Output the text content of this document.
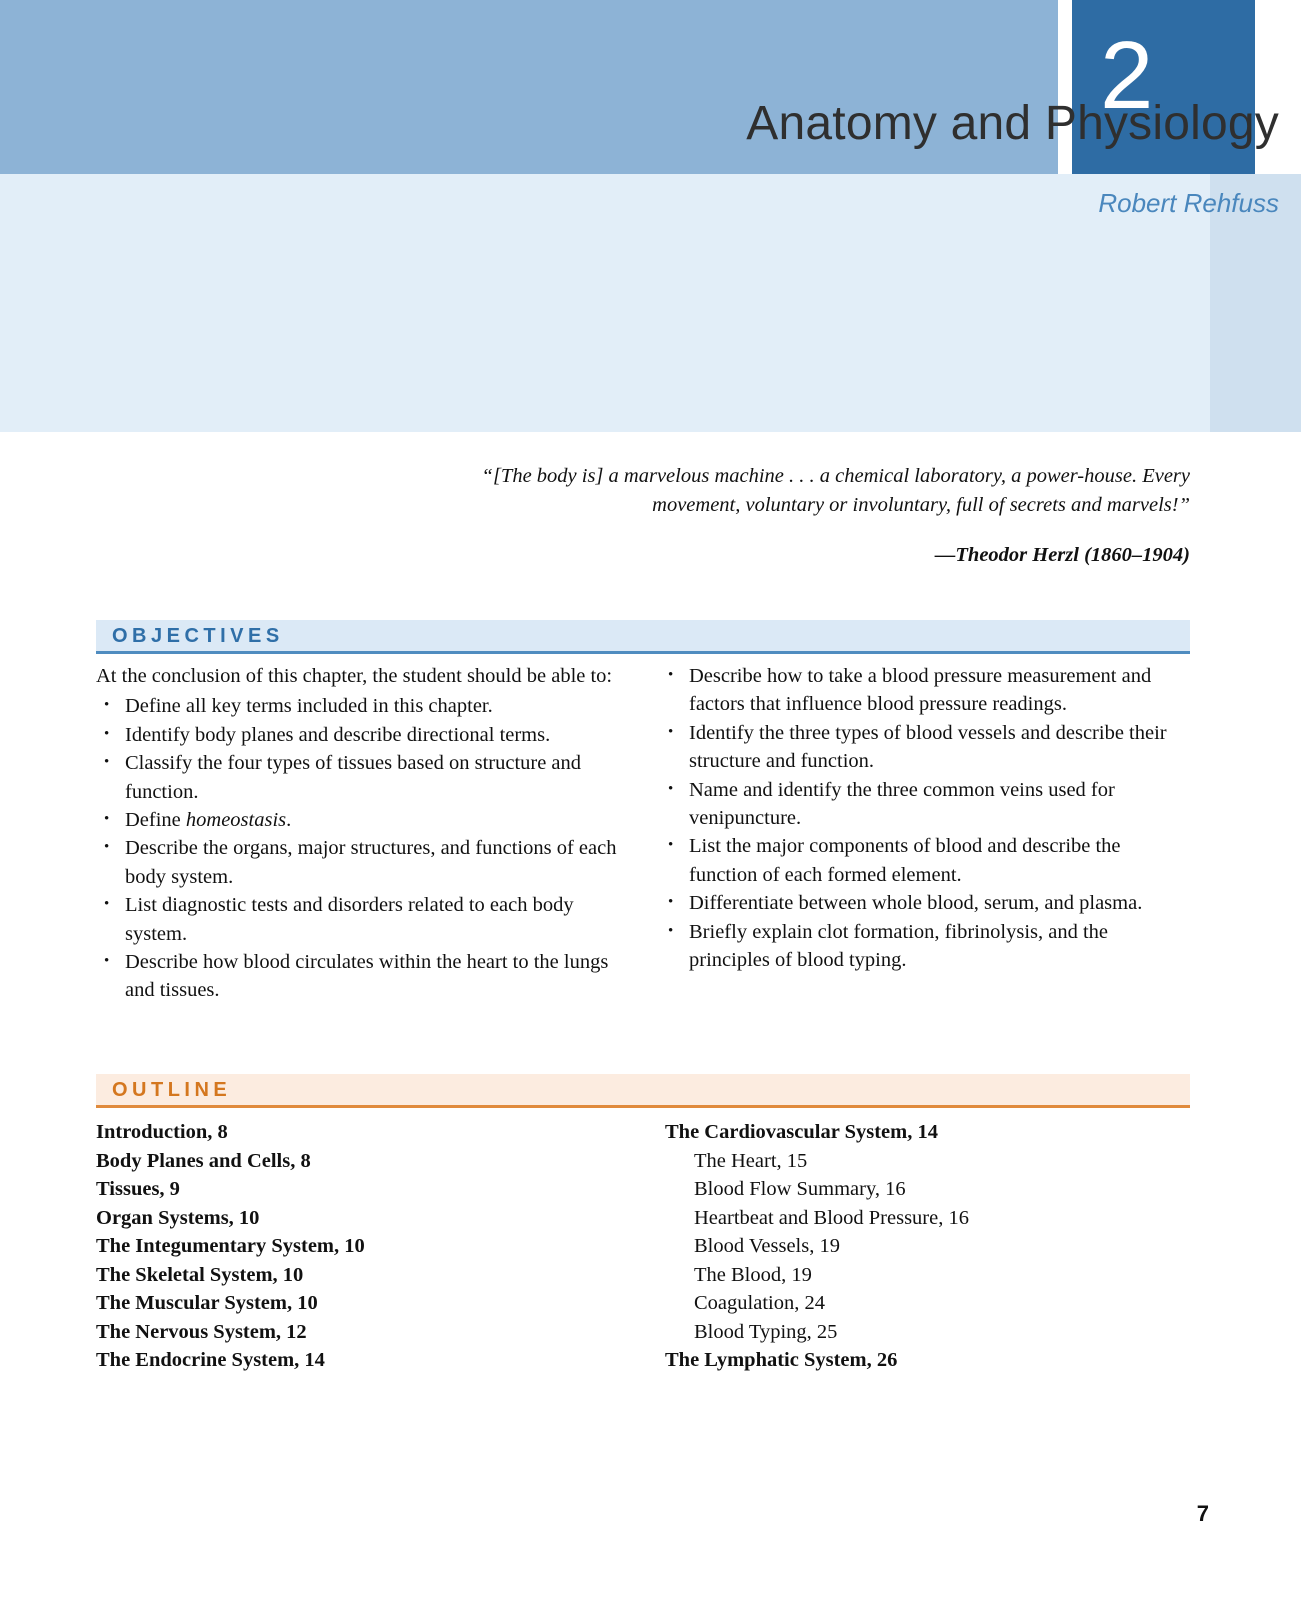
2
Anatomy and Physiology
Robert Rehfuss
“[The body is] a marvelous machine . . . a chemical laboratory, a power-house. Every movement, voluntary or involuntary, full of secrets and marvels!”
—Theodor Herzl (1860–1904)
OBJECTIVES

At the conclusion of this chapter, the student should be able to:

• Define all key terms included in this chapter.
• Identify body planes and describe directional terms.
• Classify the four types of tissues based on structure and function.
• Define homeostasis.
• Describe the organs, major structures, and functions of each body system.
• List diagnostic tests and disorders related to each body system.
• Describe how blood circulates within the heart to the lungs and tissues.
• Describe how to take a blood pressure measurement and factors that influence blood pressure readings.
• Identify the three types of blood vessels and describe their structure and function.
• Name and identify the three common veins used for venipuncture.
• List the major components of blood and describe the function of each formed element.
• Differentiate between whole blood, serum, and plasma.
• Briefly explain clot formation, fibrinolysis, and the principles of blood typing.
OUTLINE
Introduction, 8
Body Planes and Cells, 8
Tissues, 9
Organ Systems, 10
The Integumentary System, 10
The Skeletal System, 10
The Muscular System, 10
The Nervous System, 12
The Endocrine System, 14
The Cardiovascular System, 14
The Heart, 15
Blood Flow Summary, 16
Heartbeat and Blood Pressure, 16
Blood Vessels, 19
The Blood, 19
Coagulation, 24
Blood Typing, 25
The Lymphatic System, 26
7
